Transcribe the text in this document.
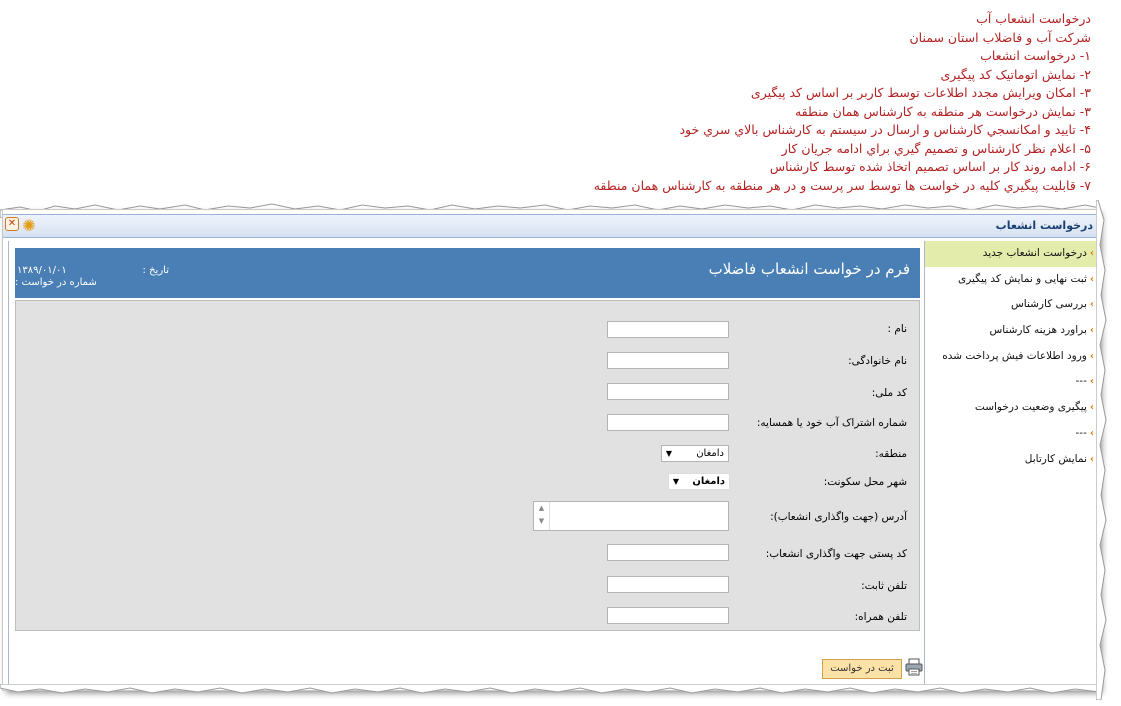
درخواست انشعاب آب
شرکت آب و فاضلاب استان سمنان
۱- درخواست انشعاب
۲- نمایش اتوماتیک کد پیگیری
۳- امکان ویرایش مجدد اطلاعات توسط کاربر بر اساس کد پیگیری
۳- نمایش درخواست هر منطقه به کارشناس همان منطقه
۴- تایید و امکانسجي کارشناس و ارسال در سیستم به کارشناس بالاي سري خود
۵- اعلام نظر کارشناس و تصمیم گیري براي ادامه جریان کار
۶- ادامه روند کار بر اساس تصمیم اتخاذ شده توسط کارشناس
۷- قابلیت پیگیري کلیه در خواست ها توسط سر پرست و در هر منطقه به کارشناس همان منطقه
✕ ✺	درخواست انشعاب
فرم در خواست انشعاب فاضلاب
تاریخ :
۱۳۸۹/۰۱/۰۱
شماره در خواست :
نام :
نام خانوادگی:
کد ملی:
شماره اشتراک آب خود یا همسایه:
منطقه:
دامغان
▼
شهر محل سکونت:
دامغان
▼
آدرس (جهت واگذاری انشعاب):
▲
▼
کد پستی جهت واگذاری انشعاب:
تلفن ثابت:
تلفن همراه:
ثبت در خواست
›درخواست انشعاب جدید
›ثبت نهایی و نمایش کد پیگیری
›بررسی کارشناس
›براورد هزینه کارشناس
›ورود اطلاعات فیش پرداخت شده
›---
›پیگیری وضعیت درخواست
›---
›نمایش کارتابل
